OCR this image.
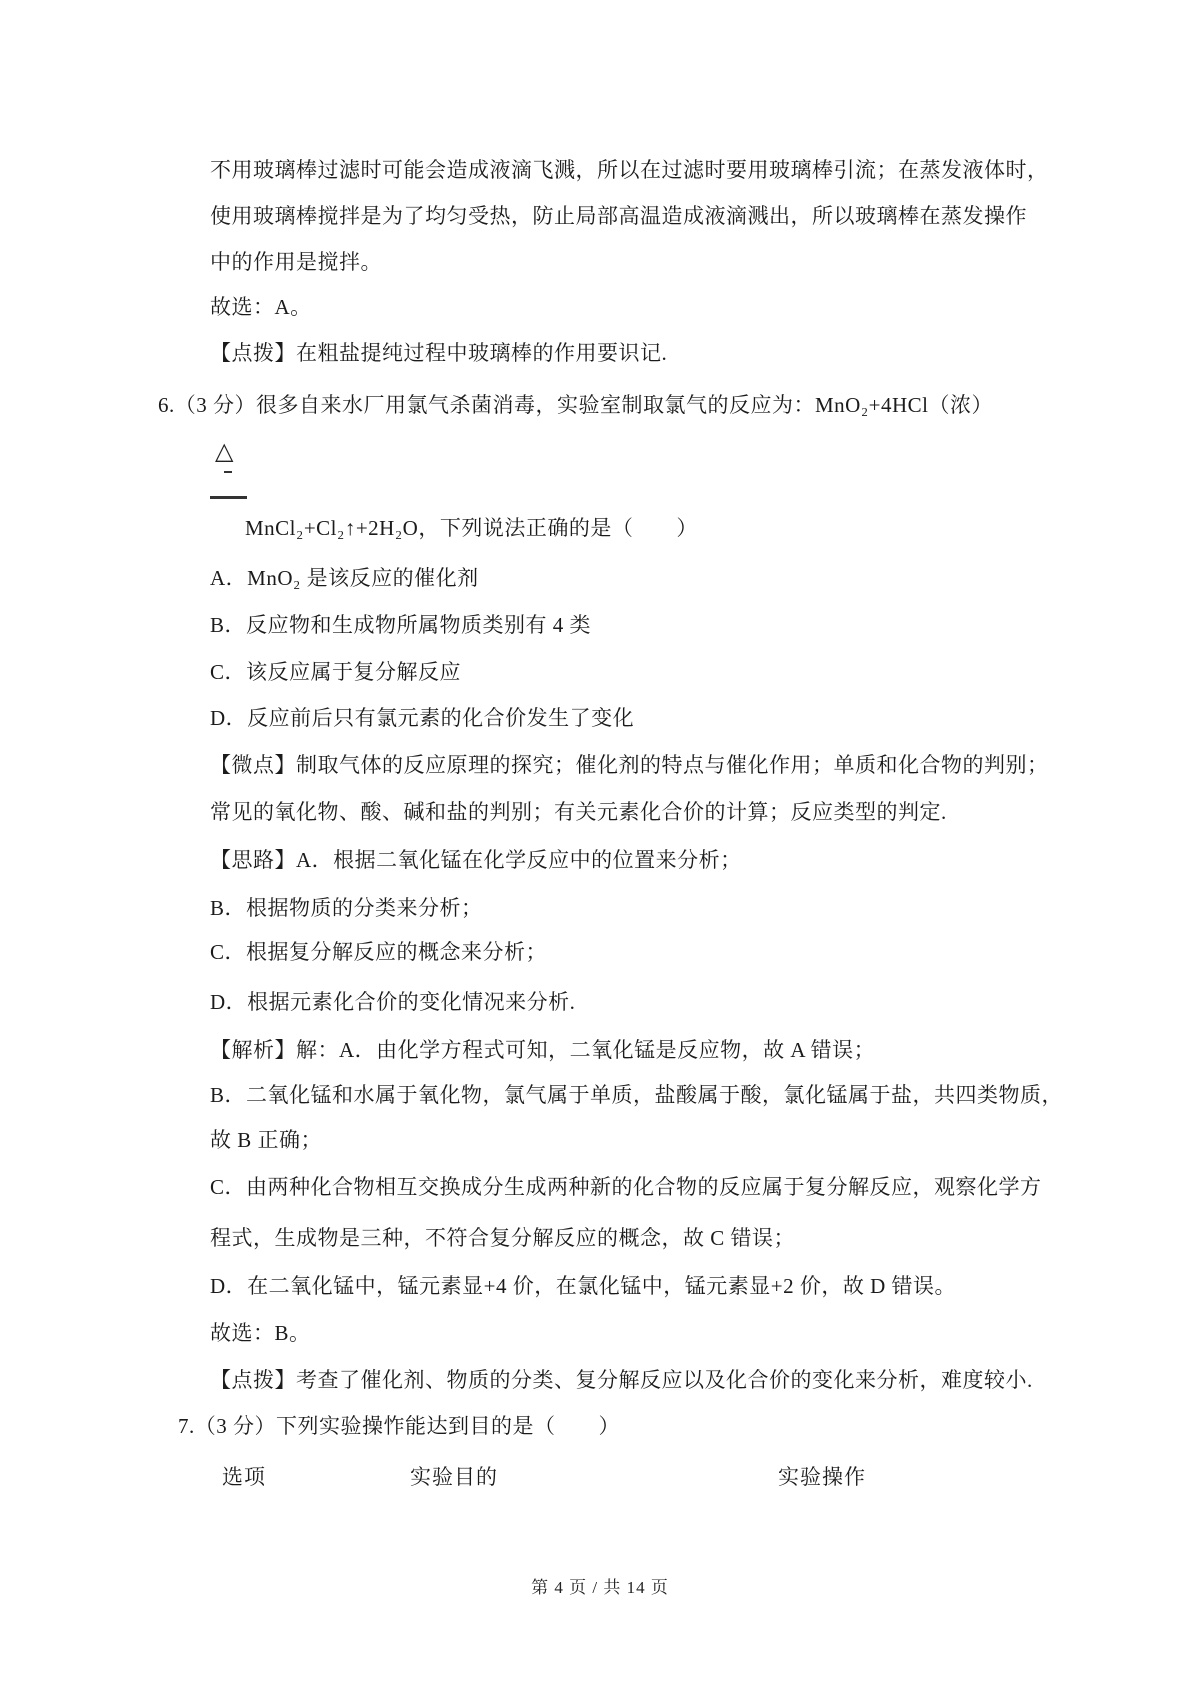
不用玻璃棒过滤时可能会造成液滴飞溅，所以在过滤时要用玻璃棒引流；在蒸发液体时，
使用玻璃棒搅拌是为了均匀受热，防止局部高温造成液滴溅出，所以玻璃棒在蒸发操作
中的作用是搅拌。
故选：A。
【点拨】在粗盐提纯过程中玻璃棒的作用要识记.
6.（3 分）很多自来水厂用氯气杀菌消毒，实验室制取氯气的反应为：MnO₂+4HCl（浓）
△
MnCl₂+Cl₂↑+2H₂O，下列说法正确的是（　　）
A．MnO₂ 是该反应的催化剂
B．反应物和生成物所属物质类别有 4 类
C．该反应属于复分解反应
D．反应前后只有氯元素的化合价发生了变化
【微点】制取气体的反应原理的探究；催化剂的特点与催化作用；单质和化合物的判别；
常见的氧化物、酸、碱和盐的判别；有关元素化合价的计算；反应类型的判定.
【思路】A．根据二氧化锰在化学反应中的位置来分析；
B．根据物质的分类来分析；
C．根据复分解反应的概念来分析；
D．根据元素化合价的变化情况来分析.
【解析】解：A．由化学方程式可知，二氧化锰是反应物，故 A 错误；
B．二氧化锰和水属于氧化物，氯气属于单质，盐酸属于酸，氯化锰属于盐，共四类物质，
故 B 正确；
C．由两种化合物相互交换成分生成两种新的化合物的反应属于复分解反应，观察化学方
程式，生成物是三种，不符合复分解反应的概念，故 C 错误；
D．在二氧化锰中，锰元素显+4 价，在氯化锰中，锰元素显+2 价，故 D 错误。
故选：B。
【点拨】考查了催化剂、物质的分类、复分解反应以及化合价的变化来分析，难度较小.
7.（3 分）下列实验操怍能达到目的是（　　）
选项	实验目的	实验操作
第 4 页 / 共 14 页
